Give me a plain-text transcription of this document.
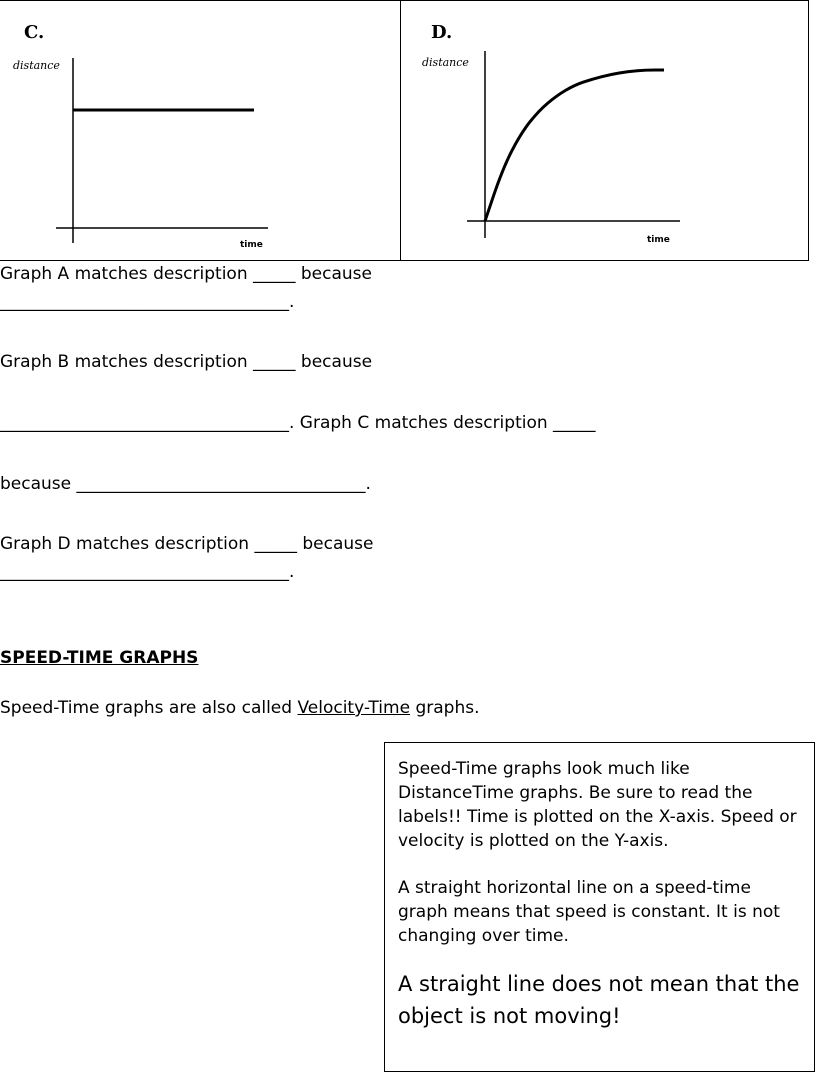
C.
distance
time
D.
distance
time
Graph A matches description _____ because
__________________________________.
Graph B matches description _____ because
__________________________________. Graph C matches description _____
because __________________________________.
Graph D matches description _____ because
__________________________________.
SPEED-TIME GRAPHS
Speed-Time graphs are also called Velocity-Time graphs.

Speed-Time graphs look much like DistanceTime graphs. Be sure to read the labels!! Time is plotted on the X-axis. Speed or velocity is plotted on the Y-axis.

A straight horizontal line on a speed-time graph means that speed is constant. It is not changing over time.

A straight line does not mean that the object is not moving!
